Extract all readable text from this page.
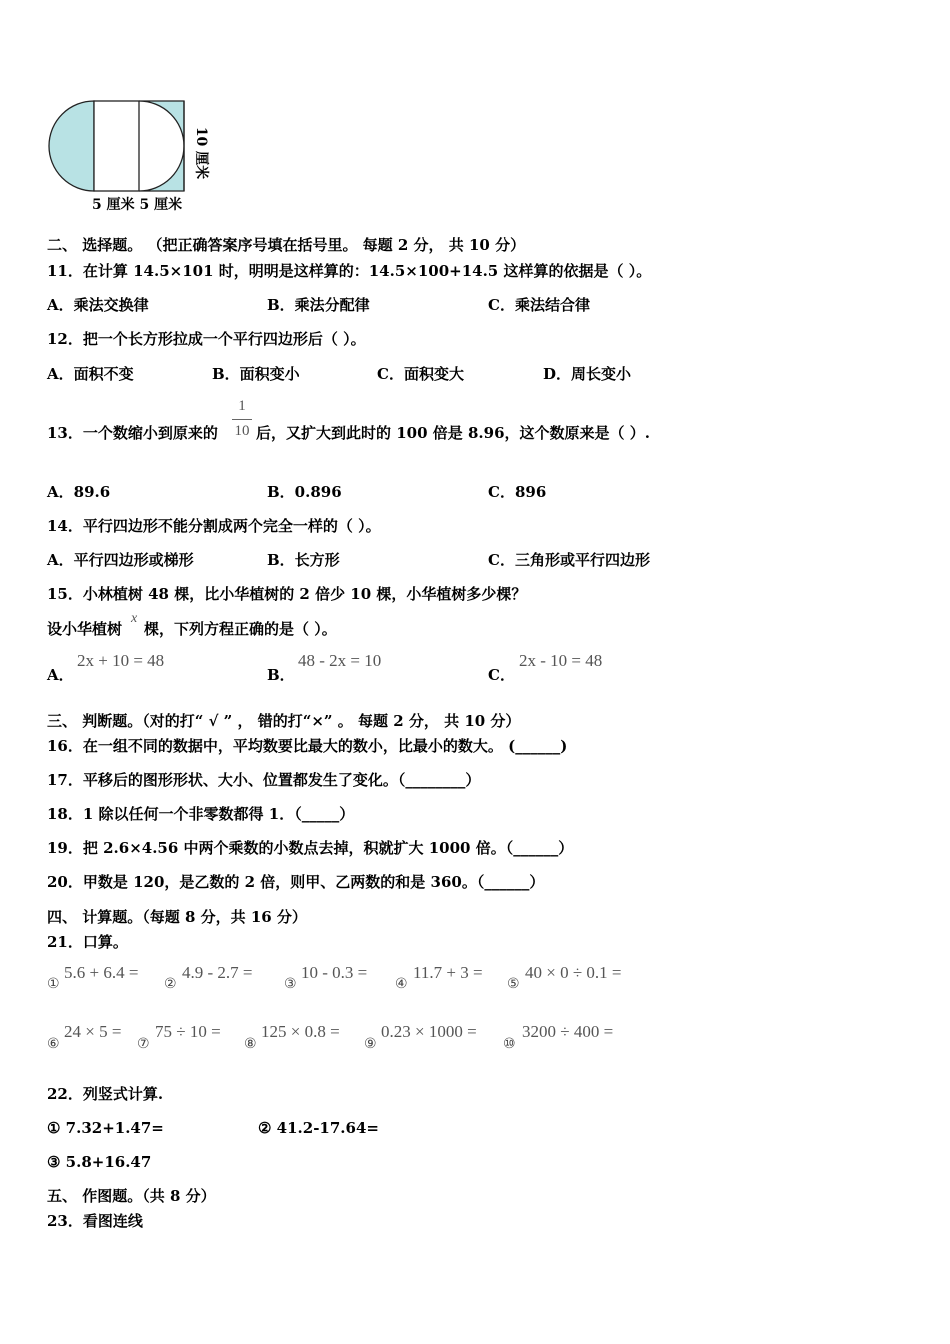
5 厘米 5 厘米
10 厘米
二、 选择题。 （把正确答案序号填在括号里。 每题 2 分， 共 10 分）
11．在计算 14.5×101 时，明明是这样算的：14.5×100+14.5 这样算的依据是（ ）。
A．乘法交换律	B．乘法分配律	C．乘法结合律
12．把一个长方形拉成一个平行四边形后（ ）。
A．面积不变	B．面积变小	C．面积变大	D．周长变小
13．一个数缩小到原来的
1
10 后，又扩大到此时的 100 倍是 8.96，这个数原来是（ ）.
A．89.6	B．0.896	C．896
14．平行四边形不能分割成两个完全一样的（ ）。
A．平行四边形或梯形	B．长方形	C．三角形或平行四边形
15．小林植树 48 棵，比小华植树的 2 倍少 10 棵，小华植树多少棵？
设小华植树
x
棵，下列方程正确的是（ ）。
A．
2x + 10 = 48
B．
48 - 2x = 10
C．
2x - 10 = 48
三、 判断题。（对的打“ √ ” ， 错的打“×” 。 每题 2 分， 共 10 分）
16．在一组不同的数据中，平均数要比最大的数小，比最小的数大。 (______)
17．平移后的图形形状、大小、位置都发生了变化。（________）
18．1 除以任何一个非零数都得 1．（_____）
19．把 2.6×4.56 中两个乘数的小数点去掉，积就扩大 1000 倍。（______）
20．甲数是 120，是乙数的 2 倍，则甲、乙两数的和是 360。（______）
四、 计算题。（每题 8 分，共 16 分）
21．口算。
①
5.6 + 6.4 =
②
4.9 - 2.7 =
③
10 - 0.3 =
④
11.7 + 3 =
⑤
40 × 0 ÷ 0.1 =
⑥
24 × 5 =
⑦
75 ÷ 10 =
⑧
125 × 0.8 =
⑨
0.23 × 1000 =
⑩
3200 ÷ 400 =
22．列竖式计算.
① 7.32+1.47=	② 41.2-17.64=
③ 5.8+16.47
五、 作图题。（共 8 分）
23．看图连线
